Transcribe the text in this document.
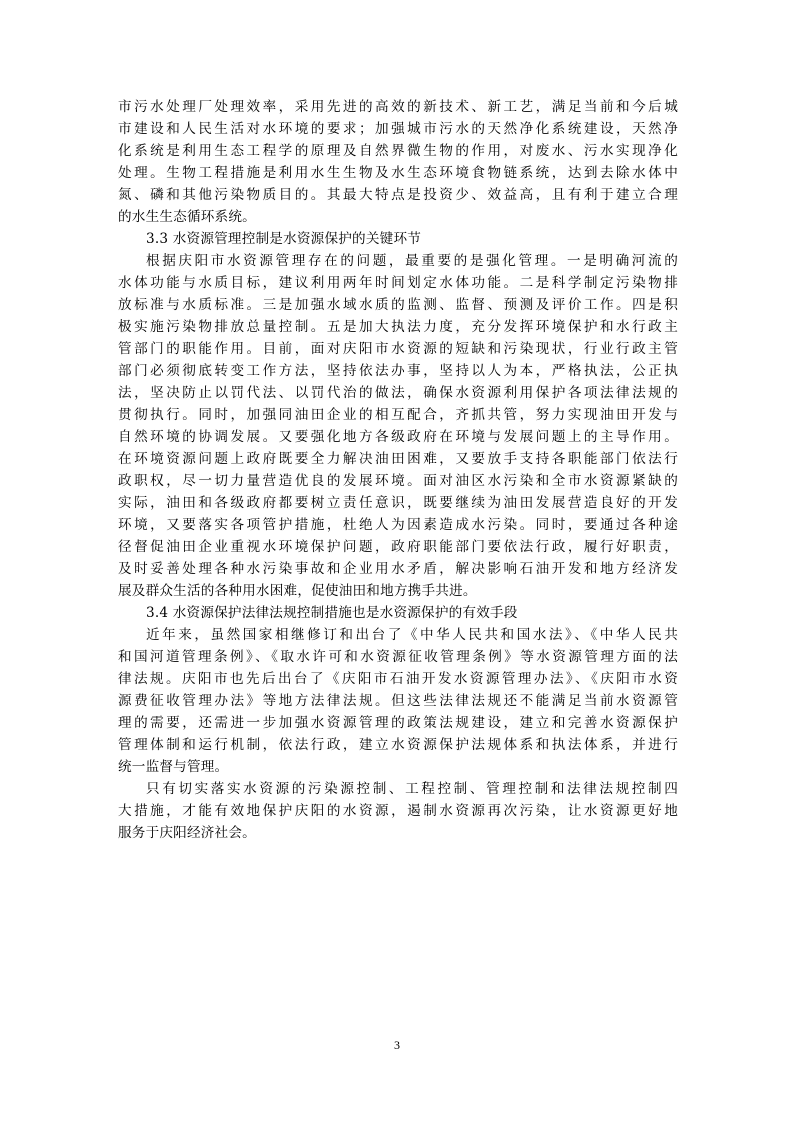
市污水处理厂处理效率，采用先进的高效的新技术、新工艺，满足当前和今后城
市建设和人民生活对水环境的要求；加强城市污水的天然净化系统建设，天然净
化系统是利用生态工程学的原理及自然界微生物的作用，对废水、污水实现净化
处理。生物工程措施是利用水生生物及水生态环境食物链系统，达到去除水体中
氮、磷和其他污染物质目的。其最大特点是投资少、效益高，且有利于建立合理
的水生生态循环系统。
3.3 水资源管理控制是水资源保护的关键环节
根据庆阳市水资源管理存在的问题，最重要的是强化管理。一是明确河流的
水体功能与水质目标，建议利用两年时间划定水体功能。二是科学制定污染物排
放标准与水质标准。三是加强水域水质的监测、监督、预测及评价工作。四是积
极实施污染物排放总量控制。五是加大执法力度，充分发挥环境保护和水行政主
管部门的职能作用。目前，面对庆阳市水资源的短缺和污染现状，行业行政主管
部门必须彻底转变工作方法，坚持依法办事，坚持以人为本，严格执法，公正执
法，坚决防止以罚代法、以罚代治的做法，确保水资源利用保护各项法律法规的
贯彻执行。同时，加强同油田企业的相互配合，齐抓共管，努力实现油田开发与
自然环境的协调发展。又要强化地方各级政府在环境与发展问题上的主导作用。
在环境资源问题上政府既要全力解决油田困难，又要放手支持各职能部门依法行
政职权，尽一切力量营造优良的发展环境。面对油区水污染和全市水资源紧缺的
实际，油田和各级政府都要树立责任意识，既要继续为油田发展营造良好的开发
环境，又要落实各项管护措施，杜绝人为因素造成水污染。同时，要通过各种途
径督促油田企业重视水环境保护问题，政府职能部门要依法行政，履行好职责，
及时妥善处理各种水污染事故和企业用水矛盾，解决影响石油开发和地方经济发
展及群众生活的各种用水困难，促使油田和地方携手共进。
3.4 水资源保护法律法规控制措施也是水资源保护的有效手段
近年来，虽然国家相继修订和出台了《中华人民共和国水法》、《中华人民共
和国河道管理条例》、《取水许可和水资源征收管理条例》等水资源管理方面的法
律法规。庆阳市也先后出台了《庆阳市石油开发水资源管理办法》、《庆阳市水资
源费征收管理办法》等地方法律法规。但这些法律法规还不能满足当前水资源管
理的需要，还需进一步加强水资源管理的政策法规建设，建立和完善水资源保护
管理体制和运行机制，依法行政，建立水资源保护法规体系和执法体系，并进行
统一监督与管理。
只有切实落实水资源的污染源控制、工程控制、管理控制和法律法规控制四
大措施，才能有效地保护庆阳的水资源，遏制水资源再次污染，让水资源更好地
服务于庆阳经济社会。
3
